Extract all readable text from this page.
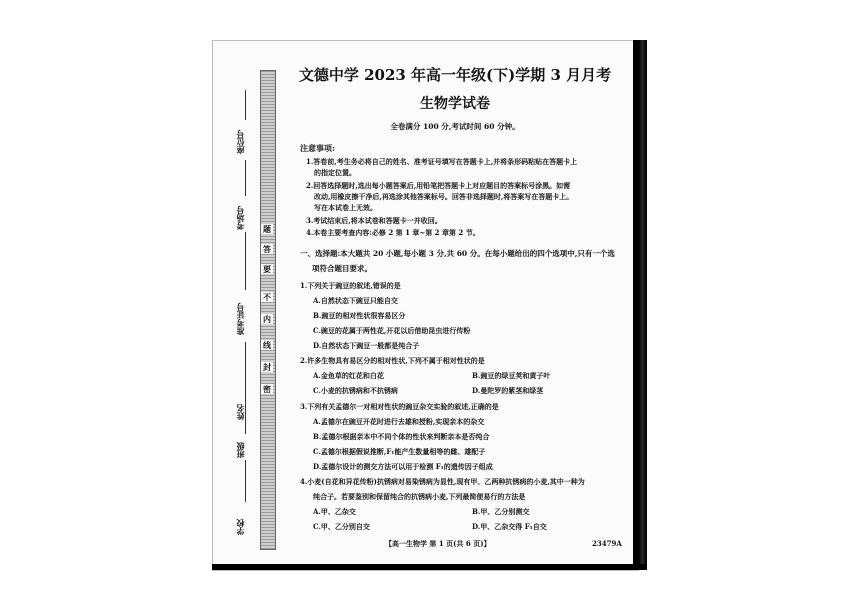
学校
班级
姓名
准考证号
考场号
座位号
题
答
要
不
内
线
封
密
文德中学 2023 年高一年级(下)学期 3 月月考
生物学试卷
全卷满分 100 分,考试时间 60 分钟。
注意事项:
1.答卷前,考生务必将自己的姓名、准考证号填写在答题卡上,并将条形码粘贴在答题卡上
的指定位置。
2.回答选择题时,选出每小题答案后,用铅笔把答题卡上对应题目的答案标号涂黑。如需
改动,用橡皮擦干净后,再选涂其他答案标号。回答非选择题时,将答案写在答题卡上。
写在本试卷上无效。
3.考试结束后,将本试卷和答题卡一并收回。
4.本卷主要考查内容:必修 2 第 1 章~第 2 章第 2 节。
一、选择题:本大题共 20 小题,每小题 3 分,共 60 分。在每小题给出的四个选项中,只有一个选
项符合题目要求。
1.下列关于豌豆的叙述,错误的是
A.自然状态下豌豆只能自交
B.豌豆的相对性状很容易区分
C.豌豆的花属于两性花,开花以后借助昆虫进行传粉
D.自然状态下豌豆一般都是纯合子
2.许多生物具有易区分的相对性状,下列不属于相对性状的是
A.金鱼草的红花和白花	B.豌豆的绿豆荚和黄子叶
C.小麦的抗锈病和不抗锈病	D.曼陀罗的紫茎和绿茎
3.下列有关孟德尔一对相对性状的豌豆杂交实验的叙述,正确的是
A.孟德尔在豌豆开花时进行去雄和授粉,实现亲本的杂交
B.孟德尔根据亲本中不同个体的性状来判断亲本是否纯合
C.孟德尔根据假说推断,F₁能产生数量相等的雌、雄配子
D.孟德尔设计的测交方法可以用于检测 F₁的遗传因子组成
4.小麦(自花和异花传粉)抗锈病对易染锈病为显性,现有甲、乙两种抗锈病的小麦,其中一种为
纯合子。若要鉴别和保留纯合的抗锈病小麦,下列最简便易行的方法是
A.甲、乙杂交	B.甲、乙分别测交
C.甲、乙分别自交	D.甲、乙杂交得 F₁自交
【高一生物学 第 1 页(共 6 页)】	23479A
